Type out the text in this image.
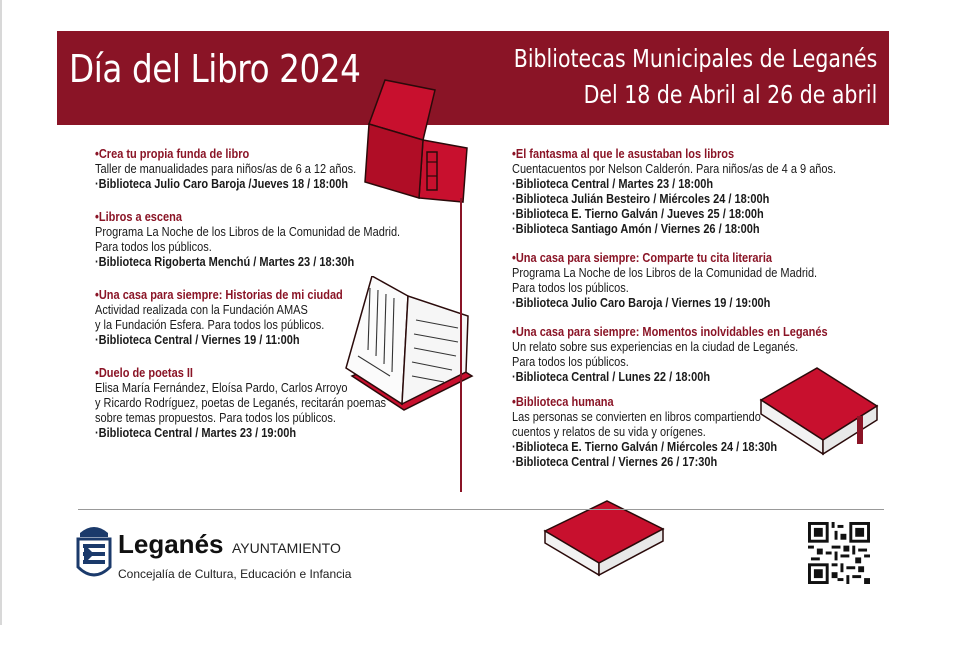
Día del Libro 2024	Bibliotecas Municipales de Leganés
Del 18 de Abril al 26 de abril
•Crea tu propia funda de libro
Taller de manualidades para niños/as de 6 a 12 años.
·Biblioteca Julio Caro Baroja /Jueves 18 / 18:00h
•Libros a escena
Programa La Noche de los Libros de la Comunidad de Madrid.
Para todos los públicos.
·Biblioteca Rigoberta Menchú / Martes 23 / 18:30h
•Una casa para siempre: Historias de mi ciudad
Actividad realizada con la Fundación AMAS
y la Fundación Esfera. Para todos los públicos.
·Biblioteca Central / Viernes 19 / 11:00h
•Duelo de poetas II
Elisa María Fernández, Eloísa Pardo, Carlos Arroyo
y Ricardo Rodríguez, poetas de Leganés, recitarán poemas
sobre temas propuestos. Para todos los públicos.
·Biblioteca Central / Martes 23 / 19:00h
•El fantasma al que le asustaban los libros
Cuentacuentos por Nelson Calderón. Para niños/as de 4 a 9 años.
·Biblioteca Central / Martes 23 / 18:00h
·Biblioteca Julián Besteiro / Miércoles 24 / 18:00h
·Biblioteca E. Tierno Galván / Jueves 25 / 18:00h
·Biblioteca Santiago Amón / Viernes 26 / 18:00h
•Una casa para siempre: Comparte tu cita literaria
Programa La Noche de los Libros de la Comunidad de Madrid.
Para todos los públicos.
·Biblioteca Julio Caro Baroja / Viernes 19 / 19:00h
•Una casa para siempre: Momentos inolvidables en Leganés
Un relato sobre sus experiencias en la ciudad de Leganés.
Para todos los públicos.
·Biblioteca Central / Lunes 22 / 18:00h
•Biblioteca humana
Las personas se convierten en libros compartiendo
cuentos y relatos de su vida y orígenes.
·Biblioteca E. Tierno Galván / Miércoles 24 / 18:30h
·Biblioteca Central / Viernes 26 / 17:30h
Leganés AYUNTAMIENTO
Concejalía de Cultura, Educación e Infancia
